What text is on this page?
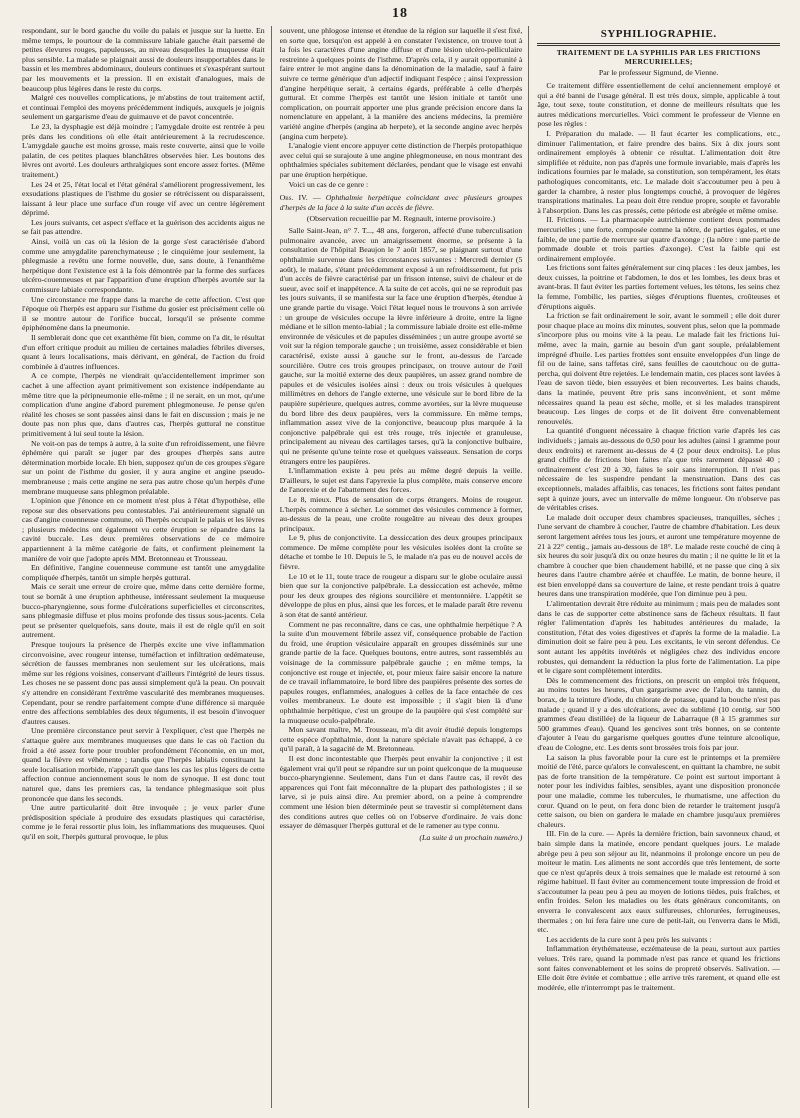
18

respondant, sur le bord gauche du voile du palais et jusque sur la luette. En même temps, le pourtour de la commissure labiale gauche était parsemé de petites élevures rouges, papuleuses, au niveau desquelles la muqueuse était plus sensible. La malade se plaignait aussi de douleurs insupportables dans le bassin et les membres abdominaux, douleurs continues et s'exaspérant surtout par les mouvements et la pression. Il en existait d'analogues, mais de beaucoup plus légères dans le reste du corps.

Malgré ces nouvelles complications, je m'abstins de tout traitement actif, et continuai l'emploi des moyens précédemment indiqués, auxquels je joignis seulement un gargarisme d'eau de guimauve et de pavot concentrée.

Le 23, la dysphagie est déjà moindre ; l'amygdale droite est rentrée à peu près dans les conditions où elle était antérieurement à la recrudescence. L'amygdale gauche est moins grosse, mais reste couverte, ainsi que le voile palatin, de ces petites plaques blanchâtres observées hier. Les boutons des lèvres ont avorté. Les douleurs arthralgiques sont encore assez fortes. (Même traitement.)

Les 24 et 25, l'état local et l'état général s'améliorent progressivement, les exsudations plastiques de l'isthme du gosier se rétrécissent ou disparaissent, laissant à leur place une surface d'un rouge vif avec un centre légèrement déprimé.

Les jours suivants, cet aspect s'efface et la guérison des accidents aigus ne se fait pas attendre.

Ainsi, voilà un cas où la lésion de la gorge s'est caractérisée d'abord comme une amygdalite parenchymateuse ; le cinquième jour seulement, la phlegmasie a revêtu une forme nouvelle, due, sans doute, à l'enanthème herpétique dont l'existence est à la fois démontrée par la forme des surfaces ulcéro-couenneuses et par l'apparition d'une éruption d'herpès avortée sur la commissure labiale correspondante.

Une circonstance me frappe dans la marche de cette affection. C'est que l'époque où l'herpès est apparu sur l'isthme du gosier est précisément celle où il se montre autour de l'orifice buccal, lorsqu'il se présente comme épiphénomène dans la pneumonie.

Il semblerait donc que cet exanthème fût bien, comme on l'a dit, le résultat d'un effort critique produit au milieu de certaines maladies fébriles diverses, quant à leurs localisations, mais dérivant, en général, de l'action du froid combinée à d'autres influences.

A ce compte, l'herpès ne viendrait qu'accidentellement imprimer son cachet à une affection ayant primitivement son existence indépendante au même titre que la péripneumonie elle-même ; il ne serait, en un mot, qu'une complication d'une angine d'abord purement phlegmoneuse. Je pense qu'en réalité les choses se sont passées ainsi dans le fait en discussion ; mais je ne doute pas non plus que, dans d'autres cas, l'herpès guttural ne constitue primitivement à lui seul toute la lésion.

Ne voit-on pas de temps à autre, à la suite d'un refroidissement, une fièvre éphémère qui paraît se juger par des groupes d'herpès sans autre détermination morbide locale. Eh bien, supposez qu'un de ces groupes s'égare sur un point de l'isthme du gosier, il y aura angine et angine pseudo-membraneuse ; mais cette angine ne sera pas autre chose qu'un herpès d'une membrane muqueuse sans phlegmon préalable.

L'opinion que j'énonce en ce moment n'est plus à l'état d'hypothèse, elle repose sur des observations peu contestables. J'ai antérieurement signalé un cas d'angine couenneuse commune, où l'herpès occupait le palais et les lèvres ; plusieurs médecins ont également vu cette éruption se répandre dans la cavité buccale. Les deux premières observations de ce mémoire appartiennent à la même catégorie de faits, et confirment pleinement la manière de voir que j'adopte après MM. Bretonneau et Trousseau.

En définitive, l'angine couenneuse commune est tantôt une amygdalite compliquée d'herpès, tantôt un simple herpès guttural.

Mais ce serait une erreur de croire que, même dans cette dernière forme, tout se bornât à une éruption aphtheuse, intéressant seulement la muqueuse bucco-pharyngienne, sous forme d'ulcérations superficielles et circonscrites, sans phlegmasie diffuse et plus moins profonde des tissus sous-jacents. Cela peut se présenter quelquefois, sans doute, mais il est de règle qu'il en soit autrement.

Presque toujours la présence de l'herpès excite une vive inflammation circonvoisine, avec rougeur intense, tuméfaction et infiltration œdémateuse, sécrétion de fausses membranes non seulement sur les ulcérations, mais même sur les régions voisines, conservant d'ailleurs l'intégrité de leurs tissus. Les choses ne se passent donc pas aussi simplement qu'à la peau. On pouvait s'y attendre en considérant l'extrême vascularité des membranes muqueuses. Cependant, pour se rendre parfaitement compte d'une différence si marquée entre des affections semblables des deux téguments, il est besoin d'invoquer d'autres causes.

Une première circonstance peut servir à l'expliquer, c'est que l'herpès ne s'attaque guère aux membranes muqueuses que dans le cas où l'action du froid a été assez forte pour troubler profondément l'économie, en un mot, quand la fièvre est véhémente ; tandis que l'herpès labialis constituant la seule localisation morbide, n'apparaît que dans les cas les plus légers de cette affection connue anciennement sous le nom de synoque. Il est donc tout naturel que, dans les premiers cas, la tendance phlegmasique soit plus prononcée que dans les seconds.

Une autre particularité doit être invoquée ; je veux parler d'une prédisposition spéciale à produire des exsudats plastiques qui caractérise, comme je le ferai ressortir plus loin, les inflammations des muqueuses. Quoi qu'il en soit, l'herpès guttural provoque, le plus

souvent, une phlogose intense et étendue de la région sur laquelle il s'est fixé, en sorte que, lorsqu'on est appelé à en constater l'existence, on trouve tout à la fois les caractères d'une angine diffuse et d'une lésion ulcéro-pelliculaire restreinte à quelques points de l'isthme. D'après cela, il y aurait opportunité à faire entrer le mot angine dans la dénomination de la maladie, sauf à faire suivre ce terme générique d'un adjectif indiquant l'espèce ; ainsi l'expression d'angine herpétique serait, à certains égards, préférable à celle d'herpès guttural. Et comme l'herpès est tantôt une lésion initiale et tantôt une complication, on pourrait apporter une plus grande précision encore dans la nomenclature en appelant, à la manière des anciens médecins, la première variété angine d'herpès (angina ab herpete), et la seconde angine avec herpès (angina cum herpete).

L'analogie vient encore appuyer cette distinction de l'herpès protopathique avec celui qui se surajoute à une angine phlegmoneuse, en nous montrant des ophthalmies spéciales subitement déclarées, pendant que le visage est envahi par une éruption herpétique.

Voici un cas de ce genre :

Obs. IV. — Ophthalmie herpétique coïncidant avec plusieurs groupes d'herpès de la face à la suite d'un accès de fièvre.
(Observation recueillie par M. Regnault, interne provisoire.)

Salle Saint-Jean, n° 7. T..., 48 ans, forgeron, affecté d'une tuberculisation pulmonaire avancée, avec un amaigrissement énorme, se présente à la consultation de l'hôpital Beaujon le 7 août 1857, se plaignant surtout d'une ophthalmie survenue dans les circonstances suivantes : Mercredi dernier (5 août), le malade, s'étant précédemment exposé à un refroidissement, fut pris d'un accès de fièvre caractérisé par un frisson intense, suivi de chaleur et de sueur, avec soif et inappétence. A la suite de cet accès, qui ne se reproduit pas les jours suivants, il se manifesta sur la face une éruption d'herpès, étendue à une grande partie du visage. Voici l'état lequel nous le trouvons à son arrivée : un groupe de vésicules occupe la lèvre inférieure à droite, entre la ligne médiane et le sillon mento-labial ; la commissure labiale droite est elle-même environnée de vésicules et de papules disséminées ; un autre groupe avorté se voit sur la région temporale gauche ; un troisième, assez considérable et bien caractérisé, existe aussi à gauche sur le front, au-dessus de l'arcade sourcilière. Outre ces trois groupes principaux, on trouve autour de l'œil gauche, sur la moitié externe des deux paupières, un assez grand nombre de papules et de vésicules isolées ainsi : deux ou trois vésicules à quelques millimètres en dehors de l'angle externe, une vésicule sur le bord libre de la paupière supérieure, quelques autres, comme avortées, sur la lèvre muqueuse du bord libre des deux paupières, vers la commissure. En même temps, inflammation assez vive de la conjonctive, beaucoup plus marquée à la conjonctive palpébrale qui est très rouge, très injectée et granuleuse, principalement au niveau des cartilages tarses, qu'à la conjonctive bulbaire, qui ne présente qu'une teinte rose et quelques vaisseaux. Sensation de corps étrangers entre les paupières.

L'inflammation existe à peu près au même degré depuis la veille. D'ailleurs, le sujet est dans l'apyrexie la plus complète, mais conserve encore de l'anorexie et de l'abattement des forces.

Le 8, mieux. Plus de sensation de corps étrangers. Moins de rougeur. L'herpès commence à sécher. Le sommet des vésicules commence à former, au-dessus de la peau, une croûte rougeâtre au niveau des deux groupes principaux.

Le 9, plus de conjonctivite. La dessiccation des deux groupes principaux commence. De même complète pour les vésicules isolées dont la croûte se détache et tombe le 10. Depuis le 5, le malade n'a pas eu de nouvel accès de fièvre.

Le 10 et le 11, toute trace de rougeur a disparu sur le globe oculaire aussi bien que sur la conjonctive palpébrale. La dessiccation est achevée, même pour les deux groupes des régions sourcilière et mentonnière. L'appétit se développe de plus en plus, ainsi que les forces, et le malade paraît être revenu à son état de santé antérieur.

Comment ne pas reconnaître, dans ce cas, une ophthalmie herpétique ? A la suite d'un mouvement fébrile assez vif, conséquence probable de l'action du froid, une éruption vésiculaire apparaît en groupes disséminés sur une grande partie de la face. Quelques boutons, entre autres, sont rassemblés au voisinage de la commissure palpébrale gauche ; en même temps, la conjonctive est rouge et injectée, et, pour mieux faire saisir encore la nature de ce travail inflammatoire, le bord libre des paupières présente des sortes de papules rouges, enflammées, analogues à celles de la face entachée de ces voiles membraneux. Le doute est impossible ; il s'agit bien là d'une ophthalmie herpétique, c'est un groupe de la paupière qui s'est complété sur la muqueuse oculo-palpébrale.

Mon savant maître, M. Trousseau, m'a dit avoir étudié depuis longtemps cette espèce d'ophthalmie, dont la nature spéciale n'avait pas échappé, à ce qu'il paraît, à la sagacité de M. Bretonneau.

Il est donc incontestable que l'herpès peut envahir la conjonctive ; il est également vrai qu'il peut se répandre sur un point quelconque de la muqueuse bucco-pharyngienne. Seulement, dans l'un et dans l'autre cas, il revêt des apparences qui l'ont fait méconnaître de la plupart des pathologistes ; il se larve, si je puis ainsi dire. Au premier abord, on a peine à comprendre comment une lésion bien déterminée peut se travestir si complètement dans des conditions autres que celles où on l'observe d'ordinaire. Je vais donc essayer de démasquer l'herpès guttural et de le ramener au type connu.

(La suite à un prochain numéro.)
SYPHILIOGRAPHIE.
TRAITEMENT DE LA SYPHILIS PAR LES FRICTIONS MERCURIELLES;
Par le professeur Sigmund, de Vienne.

Ce traitement diffère essentiellement de celui anciennement employé et qui a été banni de l'usage général. Il est très doux, simple, applicable à tout âge, tout sexe, toute constitution, et donne de meilleurs résultats que les autres médications mercurielles. Voici comment le professeur de Vienne en pose les règles :

I. Préparation du malade. — Il faut écarter les complications, etc., diminuer l'alimentation, et faire prendre des bains. Six à dix jours sont ordinairement employés à obtenir ce résultat. L'alimentation doit être simplifiée et réduite, non pas d'après une formule invariable, mais d'après les indications fournies par le malade, sa constitution, son tempérament, les états pathologiques concomitants, etc. Le malade doit s'accoutumer peu à peu à garder la chambre, à rester plus longtemps couché, à provoquer de légères transpirations matinales. La peau doit être rendue propre, souple et favorable à l'absorption. Dans les cas pressés, cette période est abrégée et même omise.

II. Frictions. — La pharmacopée autrichienne contient deux pommades mercurielles ; une forte, composée comme la nôtre, de parties égales, et une faible, de une partie de mercure sur quatre d'axonge ; (la nôtre : une partie de pommade double et trois parties d'axonge). C'est la faible qui est ordinairement employée.

Les frictions sont faites généralement sur cinq places : les deux jambes, les deux cuisses, la poitrine et l'abdomen, le dos et les lombes, les deux bras et avant-bras. Il faut éviter les parties fortement velues, les tétons, les seins chez la femme, l'ombilic, les parties, sièges d'éruptions fluentes, croûteuses et d'éruptions aiguës.

La friction se fait ordinairement le soir, avant le sommeil ; elle doit durer pour chaque place au moins dix minutes, souvent plus, selon que la pommade s'incorpore plus ou moins vite à la peau. Le malade fait les frictions lui-même, avec la main, garnie au besoin d'un gant souple, préalablement imprégné d'huile. Les parties frottées sont ensuite enveloppées d'un linge de fil ou de laine, sans taffetas ciré, sans feuilles de caoutchouc ou de gutta-percha, qui doivent être rejetées. Le lendemain matin, ces places sont lavées à l'eau de savon tiède, bien essuyées et bien recouvertes. Les bains chauds, dans la matinée, peuvent être pris sans inconvénient, et sont même nécessaires quand la peau est sèche, molle, et si les malades transpirent beaucoup. Les linges de corps et de lit doivent être convenablement renouvelés.

La quantité d'onguent nécessaire à chaque friction varie d'après les cas individuels ; jamais au-dessous de 0,50 pour les adultes (ainsi 1 gramme pour deux endroits) et rarement au-dessus de 4 (2 pour deux endroits). Le plus grand chiffre de frictions bien faites n'a que très rarement dépassé 40 ; ordinairement c'est 20 à 30, faites le soir sans interruption. Il n'est pas nécessaire de les suspendre pendant la menstruation. Dans des cas exceptionnels, malades affaiblis, cas tenaces, les frictions sont faites pendant sept à quinze jours, avec un intervalle de même longueur. On n'observe pas de véritables crises.

Le malade doit occuper deux chambres spacieuses, tranquilles, sèches ; l'une servant de chambre à coucher, l'autre de chambre d'habitation. Les deux seront largement aérées tous les jours, et auront une température moyenne de 21 à 22° centig., jamais au-dessous de 18°. Le malade reste couché de cinq à six heures du soir jusqu'à dix ou onze heures du matin ; il ne quitte le lit et la chambre à coucher que bien chaudement habillé, et ne passe que cinq à six heures dans l'autre chambre aérée et chauffée. Le matin, de bonne heure, il est bien enveloppé dans sa couverture de laine, et reste pendant trois à quatre heures dans une transpiration modérée, que l'on diminue peu à peu.

L'alimentation devrait être réduite au minimum ; mais peu de malades sont dans le cas de supporter cette abstinence sans de fâcheux résultats. Il faut régler l'alimentation d'après les habitudes antérieures du malade, la constitution, l'état des voies digestives et d'après la forme de la maladie. La diminution doit se faire peu à peu. Les excitants, le vin seront défendus. Ce sont autant les appétits invétérés et négligées chez des individus encore robustes, qui demandent la réduction la plus forte de l'alimentation. La pipe et le cigare sont complètement interdits.

Dès le commencement des frictions, on prescrit un emploi très fréquent, au moins toutes les heures, d'un gargarisme avec de l'alun, du tannin, du borax, de la teinture d'iode, du chlorate de potasse, quand la bouche n'est pas malade ; quand il y a des ulcérations, avec du sublimé (10 centig. sur 500 grammes d'eau distillée) de la liqueur de Labarraque (8 à 15 grammes sur 500 grammes d'eau). Quand les gencives sont très bonnes, on se contente d'ajouter à l'eau du gargarisme quelques gouttes d'une teinture alcoolique, d'eau de Cologne, etc. Les dents sont brossées trois fois par jour.

La saison la plus favorable pour la cure est le printemps et la première moitié de l'été, parce qu'alors le convalescent, en quittant la chambre, ne subit pas de forte transition de la température. Ce point est surtout important à noter pour les individus faibles, sensibles, ayant une disposition prononcée pour une maladie, comme les tubercules, le rhumatisme, une affection du cœur. Quand on le peut, on fera donc bien de retarder le traitement jusqu'à cette saison, ou bien on gardera le malade en chambre jusqu'aux premières chaleurs.

III. Fin de la cure. — Après la dernière friction, bain savonneux chaud, et bain simple dans la matinée, encore pendant quelques jours. Le malade abrège peu à peu son séjour au lit, néanmoins il prolonge encore un peu de moiteur le matin. Les aliments ne sont accordés que très lentement, de sorte que ce n'est qu'après deux à trois semaines que le malade est retourné à son régime habituel. Il faut éviter au commencement toute impression de froid et s'accoutumer la peau peu à peu au moyen de lotions tièdes, puis fraîches, et enfin froides. Selon les maladies ou les états généraux concomitants, on enverra le convalescent aux eaux sulfureuses, chlorurées, ferrugineuses, thermales ; on lui fera faire une cure de petit-lait, ou l'enverra dans le Midi, etc.

Les accidents de la cure sont à peu près les suivants :

Inflammation érythémateuse, eczémateuse de la peau, surtout aux parties velues. Très rare, quand la pommade n'est pas rance et quand les frictions sont faites convenablement et les soins de propreté observés. Salivation. — Elle doit être évitée et combattue ; elle arrive très rarement, et quand elle est modérée, elle n'interrompt pas le traitement.
